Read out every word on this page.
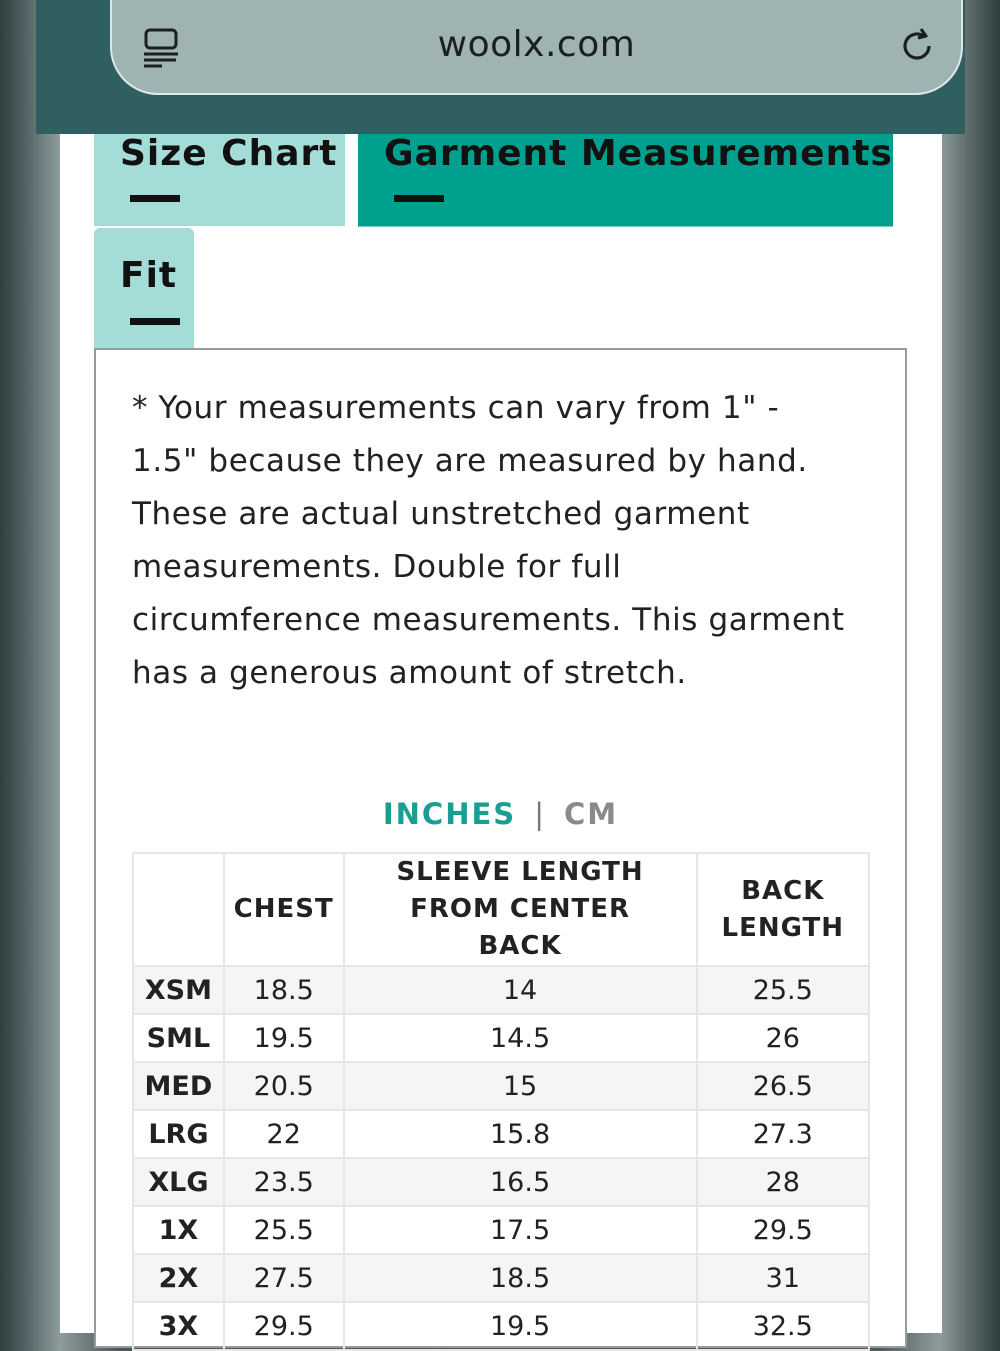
woolx.com
Size Chart Garment Measurements
Fit
* Your measurements can vary from 1" - 1.5" because they are measured by hand. These are actual unstretched garment measurements. Double for full circumference measurements. This garment has a generous amount of stretch.
INCHES | CM
	CHEST	SLEEVE LENGTH FROM CENTER BACK	BACK LENGTH
XSM	18.5	14	25.5
SML	19.5	14.5	26
MED	20.5	15	26.5
LRG	22	15.8	27.3
XLG	23.5	16.5	28
1X	25.5	17.5	29.5
2X	27.5	18.5	31
3X	29.5	19.5	32.5
